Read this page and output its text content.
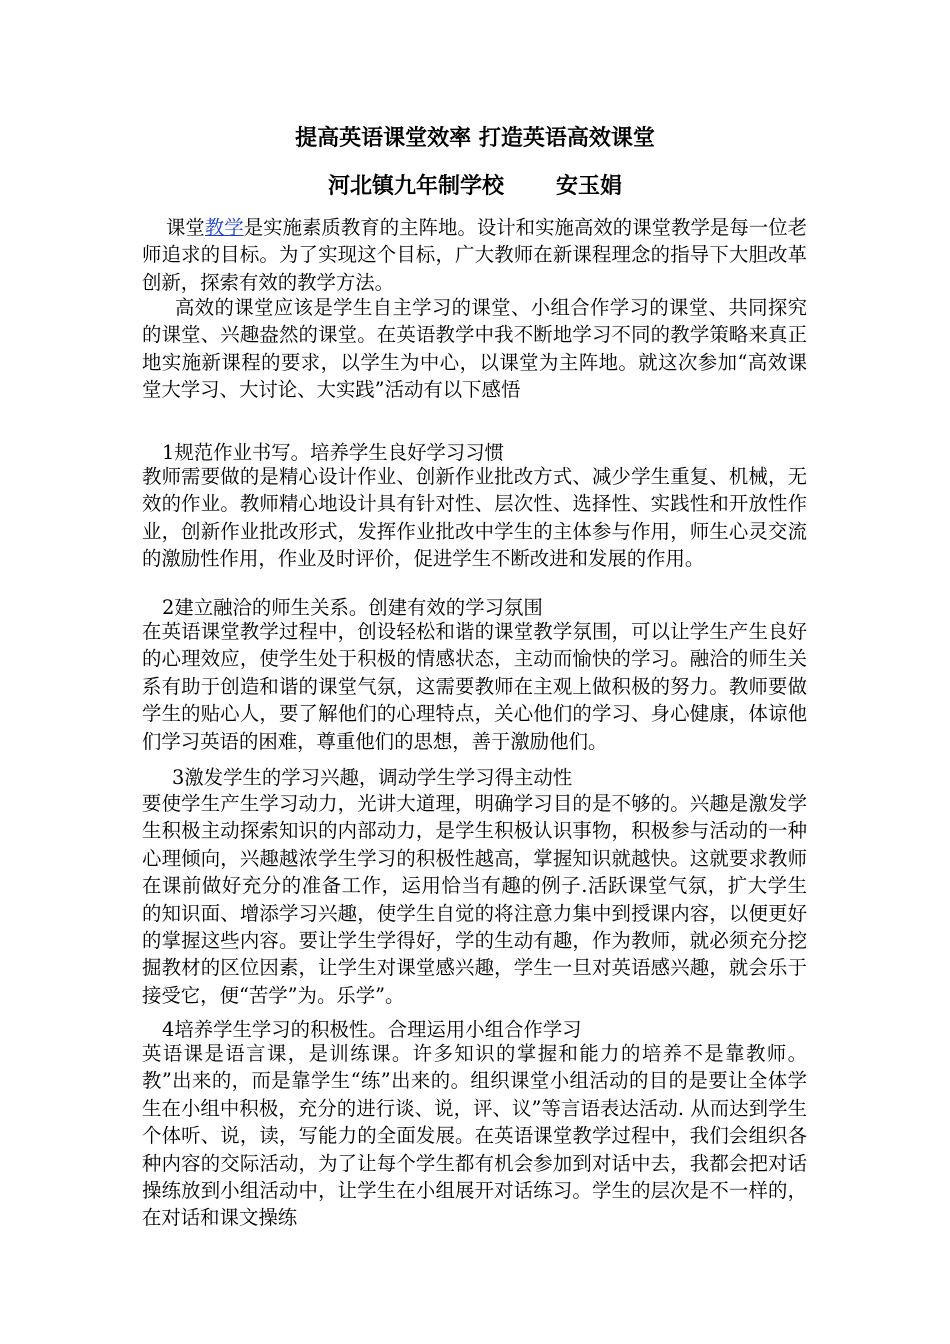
提高英语课堂效率 打造英语高效课堂
河北镇九年制学校 安玉娟

课堂教学是实施素质教育的主阵地。设计和实施高效的课堂教学是每一位老师追求的目标。为了实现这个目标，广大教师在新课程理念的指导下大胆改革创新，探索有效的教学方法。

高效的课堂应该是学生自主学习的课堂、小组合作学习的课堂、共同探究的课堂、兴趣盎然的课堂。在英语教学中我不断地学习不同的教学策略来真正地实施新课程的要求，以学生为中心，以课堂为主阵地。就这次参加“高效课堂大学习、大讨论、大实践”活动有以下感悟

1规范作业书写。培养学生良好学习习惯

教师需要做的是精心设计作业、创新作业批改方式、减少学生重复、机械，无效的作业。教师精心地设计具有针对性、层次性、选择性、实践性和开放性作业，创新作业批改形式，发挥作业批改中学生的主体参与作用，师生心灵交流的激励性作用，作业及时评价，促进学生不断改进和发展的作用。

2建立融洽的师生关系。创建有效的学习氛围

在英语课堂教学过程中，创设轻松和谐的课堂教学氛围，可以让学生产生良好的心理效应，使学生处于积极的情感状态，主动而愉快的学习。融洽的师生关系有助于创造和谐的课堂气氛，这需要教师在主观上做积极的努力。教师要做学生的贴心人，要了解他们的心理特点，关心他们的学习、身心健康，体谅他们学习英语的困难，尊重他们的思想，善于激励他们。

3激发学生的学习兴趣，调动学生学习得主动性

要使学生产生学习动力，光讲大道理，明确学习目的是不够的。兴趣是激发学生积极主动探索知识的内部动力，是学生积极认识事物，积极参与活动的一种心理倾向，兴趣越浓学生学习的积极性越高，掌握知识就越快。这就要求教师在课前做好充分的准备工作，运用恰当有趣的例子.活跃课堂气氛，扩大学生的知识面、增添学习兴趣，使学生自觉的将注意力集中到授课内容，以便更好的掌握这些内容。要让学生学得好，学的生动有趣，作为教师，就必须充分挖掘教材的区位因素，让学生对课堂感兴趣，学生一旦对英语感兴趣，就会乐于接受它，便“苦学”为。乐学”。

4培养学生学习的积极性。合理运用小组合作学习

英语课是语言课，是训练课。许多知识的掌握和能力的培养不是靠教师。教”出来的，而是靠学生“练”出来的。组织课堂小组活动的目的是要让全体学生在小组中积极，充分的进行谈、说，评、议”等言语表达活动. 从而达到学生个体听、说，读，写能力的全面发展。在英语课堂教学过程中，我们会组织各种内容的交际活动，为了让每个学生都有机会参加到对话中去，我都会把对话操练放到小组活动中，让学生在小组展开对话练习。学生的层次是不一样的，在对话和课文操练
